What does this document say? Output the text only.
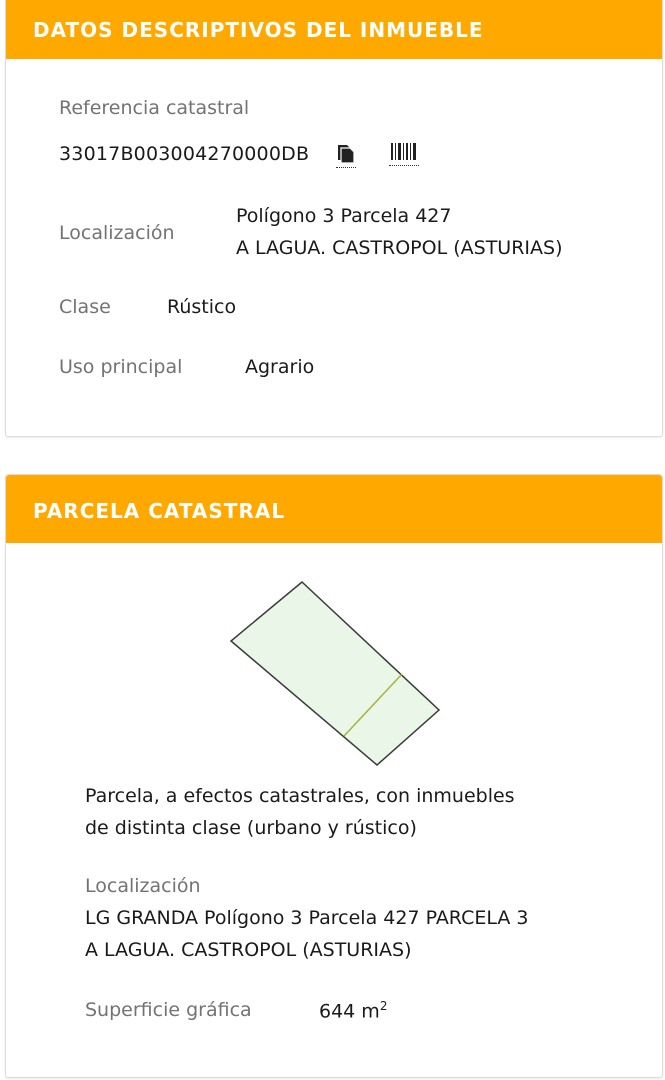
DATOS DESCRIPTIVOS DEL INMUEBLE
Referencia catastral
33017B003004270000DB
Localización
Polígono 3 Parcela 427
A LAGUA. CASTROPOL (ASTURIAS)
Clase	Rústico
Uso principal	Agrario
PARCELA CATASTRAL
Parcela, a efectos catastrales, con inmuebles
de distinta clase (urbano y rústico)
Localización
LG GRANDA Polígono 3 Parcela 427 PARCELA 3
A LAGUA. CASTROPOL (ASTURIAS)
Superficie gráfica	644 $m^2$
